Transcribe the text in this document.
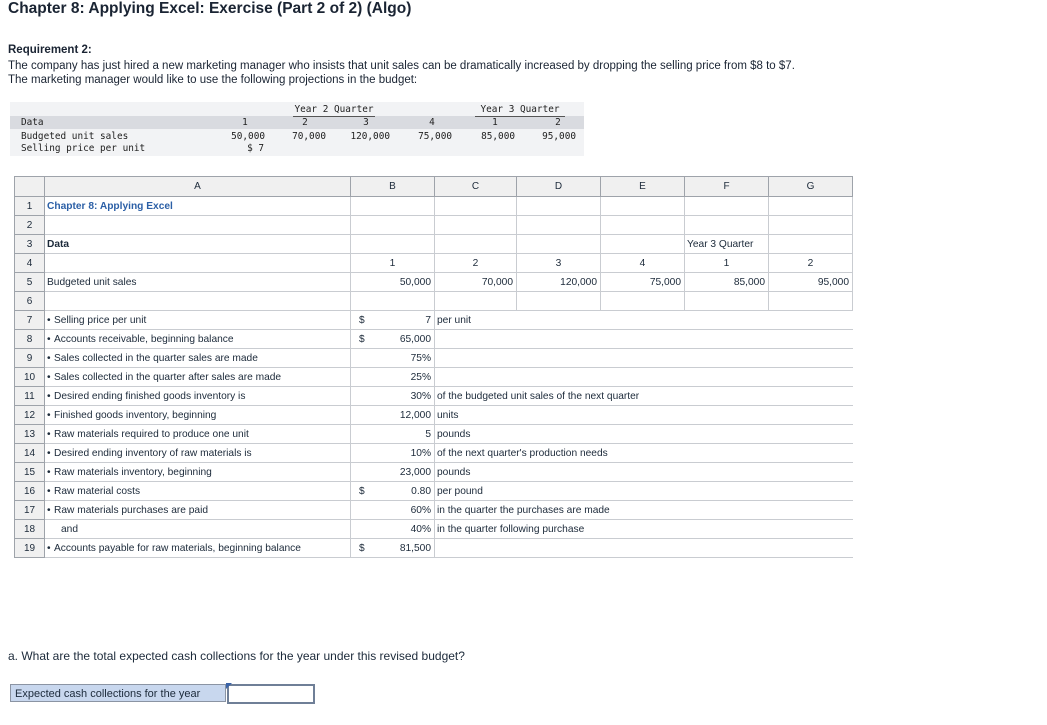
Chapter 8: Applying Excel: Exercise (Part 2 of 2) (Algo)
Requirement 2:
The company has just hired a new marketing manager who insists that unit sales can be dramatically increased by dropping the selling price from $8 to $7. The marketing manager would like to use the following projections in the budget:
Year 2 Quarter	Year 3 Quarter
Data	1	2	3	4	1	2
Budgeted unit sales	50,000	70,000	120,000	75,000	85,000	95,000
Selling price per unit	$ 7
	A	B	C	D	E	F	G
1	Chapter 8: Applying Excel						
2							
3	Data					Year 3 Quarter	
4		1	2	3	4	1	2
5	Budgeted unit sales	50,000	70,000	120,000	75,000	85,000	95,000
6							
7	• Selling price per unit	$ 7	per unit				
8	• Accounts receivable, beginning balance	$ 65,000					
9	• Sales collected in the quarter sales are made	75%					
10	• Sales collected in the quarter after sales are made	25%					
11	• Desired ending finished goods inventory is	30%	of the budgeted unit sales of the next quarter				
12	• Finished goods inventory, beginning	12,000	units				
13	• Raw materials required to produce one unit	5	pounds				
14	• Desired ending inventory of raw materials is	10%	of the next quarter's production needs				
15	• Raw materials inventory, beginning	23,000	pounds				
16	• Raw material costs	$ 0.80	per pound				
17	• Raw materials purchases are paid	60%	in the quarter the purchases are made				
18	and	40%	in the quarter following purchase				
19	• Accounts payable for raw materials, beginning balance	$ 81,500					
a. What are the total expected cash collections for the year under this revised budget?
Expected cash collections for the year
